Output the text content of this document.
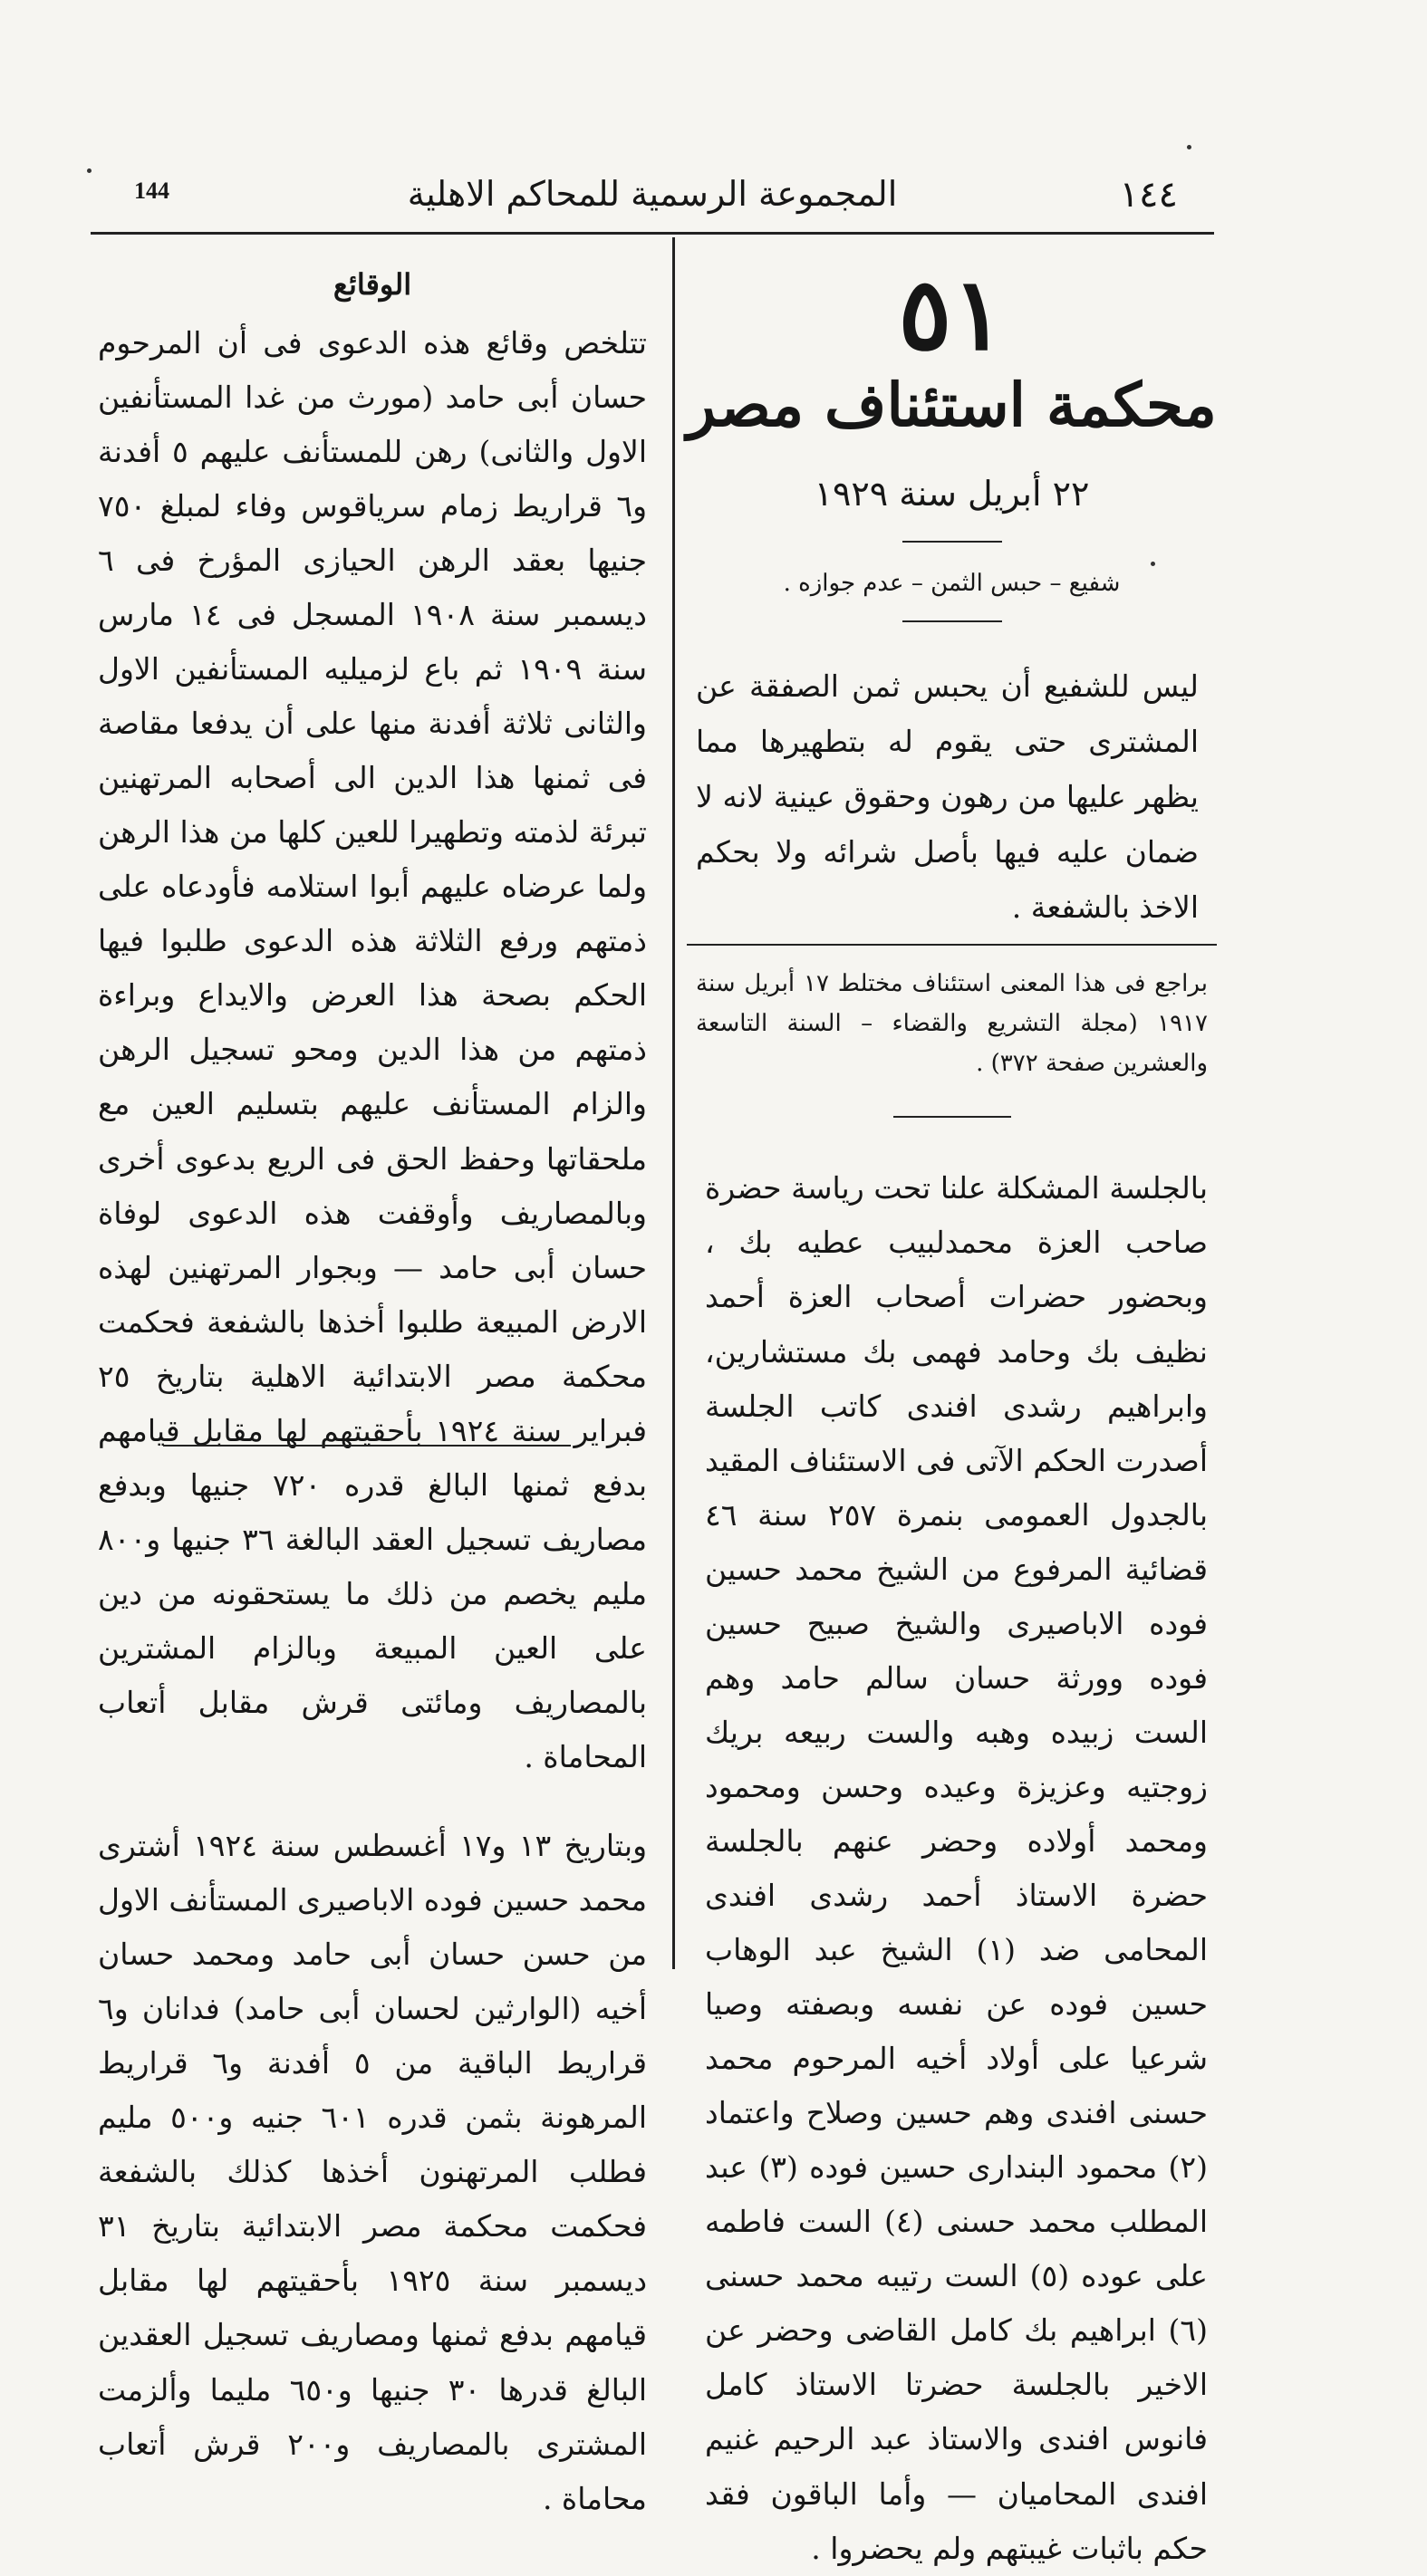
144	المجموعة الرسمية للمحاكم الاهلية	١٤٤
٥١
محكمة استئناف مصر
٢٢ أبريل سنة ١٩٢٩
شفيع – حبس الثمن – عدم جوازه .
ليس للشفيع أن يحبس ثمن الصفقة عن المشترى حتى يقوم له بتطهيرها مما يظهر عليها من رهون وحقوق عينية لانه لا ضمان عليه فيها بأصل شرائه ولا بحكم الاخذ بالشفعة .
براجع فى هذا المعنى استئناف مختلط ١٧ أبريل سنة ١٩١٧ (مجلة التشريع والقضاء – السنة التاسعة والعشرين صفحة ٣٧٢) .
بالجلسة المشكلة علنا تحت رياسة حضرة صاحب العزة محمدلبيب عطيه بك ، وبحضور حضرات أصحاب العزة أحمد نظيف بك وحامد فهمى بك مستشارين، وابراهيم رشدى افندى كاتب الجلسة أصدرت الحكم الآتى فى الاستئناف المقيد بالجدول العمومى بنمرة ٢٥٧ سنة ٤٦ قضائية المرفوع من الشيخ محمد حسين فوده الاباصيرى والشيخ صبيح حسين فوده وورثة حسان سالم حامد وهم الست زبيده وهبه والست ربيعه بريك زوجتيه وعزيزة وعيده وحسن ومحمود ومحمد أولاده وحضر عنهم بالجلسة حضرة الاستاذ أحمد رشدى افندى المحامى ضد (١) الشيخ عبد الوهاب حسين فوده عن نفسه وبصفته وصيا شرعيا على أولاد أخيه المرحوم محمد حسنى افندى وهم حسين وصلاح واعتماد (٢) محمود البندارى حسين فوده (٣) عبد المطلب محمد حسنى (٤) الست فاطمه على عوده (٥) الست رتيبه محمد حسنى (٦) ابراهيم بك كامل القاضى وحضر عن الاخير بالجلسة حضرتا الاستاذ كامل فانوس افندى والاستاذ عبد الرحيم غنيم افندى المحاميان — وأما الباقون فقد حكم باثبات غيبتهم ولم يحضروا .
الوقائع
تتلخص وقائع هذه الدعوى فى أن المرحوم حسان أبى حامد (مورث من غدا المستأنفين الاول والثانى) رهن للمستأنف عليهم ٥ أفدنة و٦ قراريط زمام سرياقوس وفاء لمبلغ ٧٥٠ جنيها بعقد الرهن الحيازى المؤرخ فى ٦ ديسمبر سنة ١٩٠٨ المسجل فى ١٤ مارس سنة ١٩٠٩ ثم باع لزميليه المستأنفين الاول والثانى ثلاثة أفدنة منها على أن يدفعا مقاصة فى ثمنها هذا الدين الى أصحابه المرتهنين تبرئة لذمته وتطهيرا للعين كلها من هذا الرهن ولما عرضاه عليهم أبوا استلامه فأودعاه على ذمتهم ورفع الثلاثة هذه الدعوى طلبوا فيها الحكم بصحة هذا العرض والايداع وبراءة ذمتهم من هذا الدين ومحو تسجيل الرهن والزام المستأنف عليهم بتسليم العين مع ملحقاتها وحفظ الحق فى الريع بدعوى أخرى وبالمصاريف وأوقفت هذه الدعوى لوفاة حسان أبى حامد — وبجوار المرتهنين لهذه الارض المبيعة طلبوا أخذها بالشفعة فحكمت محكمة مصر الابتدائية الاهلية بتاريخ ٢٥ فبراير سنة ١٩٢٤ بأحقيتهم لها مقابل قيامهم بدفع ثمنها البالغ قدره ٧٢٠ جنيها وبدفع مصاريف تسجيل العقد البالغة ٣٦ جنيها و٨٠٠ مليم يخصم من ذلك ما يستحقونه من دين على العين المبيعة وبالزام المشترين بالمصاريف ومائتى قرش مقابل أتعاب المحاماة .
وبتاريخ ١٣ و١٧ أغسطس سنة ١٩٢٤ أشترى محمد حسين فوده الاباصيرى المستأنف الاول من حسن حسان أبى حامد ومحمد حسان أخيه (الوارثين لحسان أبى حامد) فدانان و٦ قراريط الباقية من ٥ أفدنة و٦ قراريط المرهونة بثمن قدره ٦٠١ جنيه و٥٠٠ مليم فطلب المرتهنون أخذها كذلك بالشفعة فحكمت محكمة مصر الابتدائية بتاريخ ٣١ ديسمبر سنة ١٩٢٥ بأحقيتهم لها مقابل قيامهم بدفع ثمنها ومصاريف تسجيل العقدين البالغ قدرها ٣٠ جنيها و٦٥٠ مليما وألزمت المشترى بالمصاريف و٢٠٠ قرش أتعاب محاماة .
